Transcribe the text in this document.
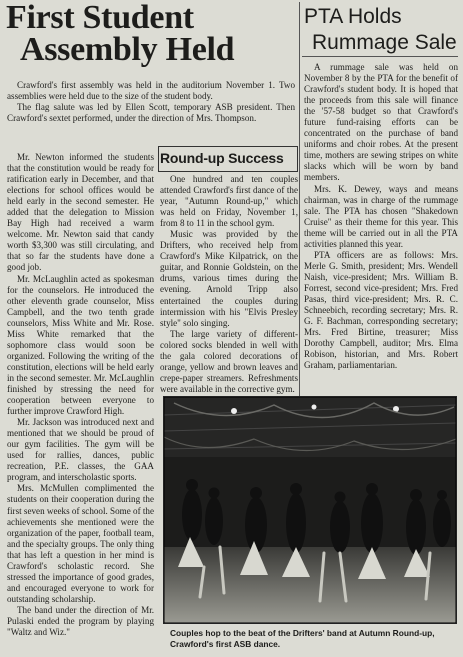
First Student
Assembly Held
PTA Holds
Rummage Sale

Crawford's first assembly was held in the auditorium November 1. Two assemblies were held due to the size of the student body.

The flag salute was led by Ellen Scott, temporary ASB president. Then Crawford's sextet performed, under the direction of Mrs. Thompson.

Mr. Newton informed the students that the constitution would be ready for ratification early in December, and that elections for school offices would be held early in the second semester. He added that the delegation to Mission Bay High had received a warm welcome. Mr. Newton said that candy worth $3,300 was still circulating, and that so far the students have done a good job.

Mr. McLaughlin acted as spokesman for the counselors. He introduced the other eleventh grade counselor, Miss Campbell, and the two tenth grade counselors, Miss White and Mr. Rose. Miss White remarked that the sophomore class would soon be organized. Following the writing of the constitution, elections will be held early in the second semester. Mr. McLaughlin finished by stressing the need for cooperation between everyone to further improve Crawford High.

Mr. Jackson was introduced next and mentioned that we should be proud of our gym facilities. The gym will be used for rallies, dances, public recreation, P.E. classes, the GAA program, and interscholastic sports.

Mrs. McMullen complimented the students on their cooperation during the first seven weeks of school. Some of the achievements she mentioned were the organization of the paper, football team, and the specialty groups. The only thing that has left a question in her mind is Crawford's scholastic record. She stressed the importance of good grades, and encouraged everyone to work for outstanding scholarship.

The band under the direction of Mr. Pulaski ended the program by playing "Waltz and Wiz."

Round-up Success

One hundred and ten couples attended Crawford's first dance of the year, "Autumn Round-up," which was held on Friday, November 1, from 8 to 11 in the school gym.

Music was provided by the Drifters, who received help from Crawford's Mike Kilpatrick, on the guitar, and Ronnie Goldstein, on the drums, various times during the evening. Arnold Tripp also entertained the couples during intermission with his "Elvis Presley style" solo singing.

The large variety of different-colored socks blended in well with the gala colored decorations of orange, yellow and brown leaves and crepe-paper streamers. Refreshments were available in the corrective gym.

A rummage sale was held on November 8 by the PTA for the benefit of Crawford's student body. It is hoped that the proceeds from this sale will finance the '57-58 budget so that Crawford's future fund-raising efforts can be concentrated on the purchase of band uniforms and choir robes. At the present time, mothers are sewing stripes on white slacks which will be worn by band members.

Mrs. K. Dewey, ways and means chairman, was in charge of the rummage sale. The PTA has chosen "Shakedown Cruise" as their theme for this year. This theme will be carried out in all the PTA activities planned this year.

PTA officers are as follows: Mrs. Merle G. Smith, president; Mrs. Wendell Naish, vice-president; Mrs. William B. Forrest, second vice-president; Mrs. Fred Pasas, third vice-president; Mrs. R. C. Schneebich, recording secretary; Mrs. R. G. F. Bachman, corresponding secretary; Mrs. Fred Birtine, treasurer; Miss Dorothy Campbell, auditor; Mrs. Elma Robison, historian, and Mrs. Robert Graham, parliamentarian.

Couples hop to the beat of the Drifters' band at Autumn Round-up, Crawford's first ASB dance.
